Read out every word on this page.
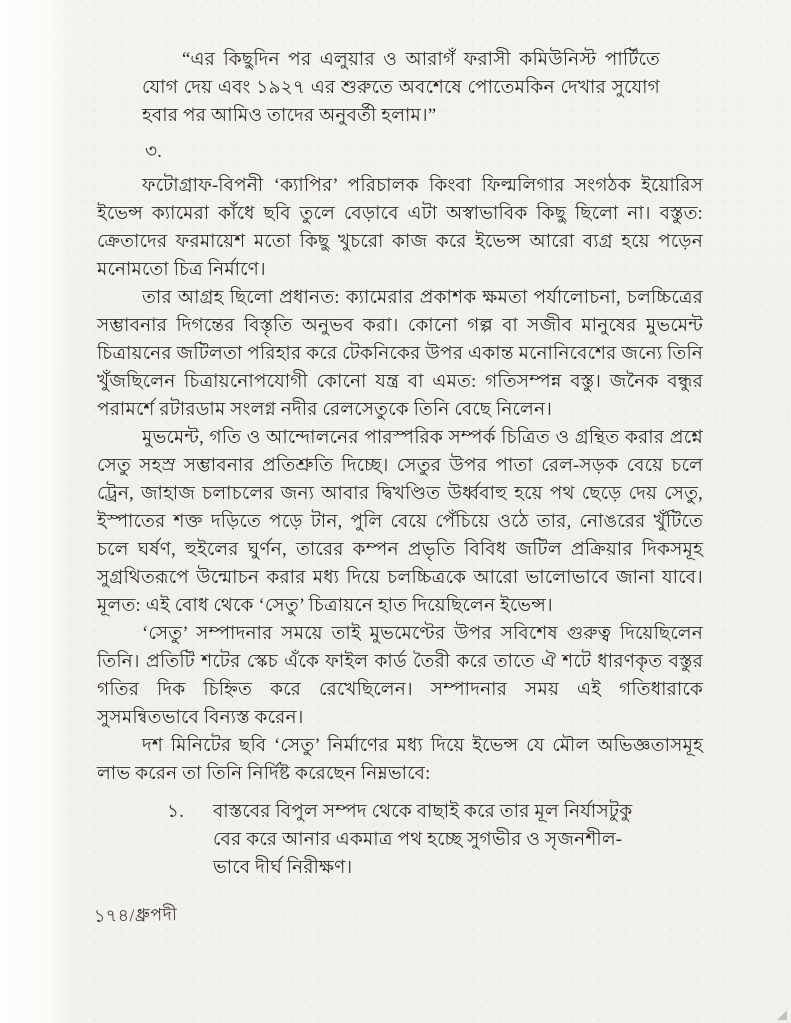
“এর কিছুদিন পর এলুয়ার ও আরাগঁ ফরাসী কমিউনিস্ট পার্টিতে যোগ দেয় এবং ১৯২৭ এর শুরুতে অবশেষে পোতেমকিন দেখার সুযোগ হবার পর আমিও তাদের অনুবর্তী হলাম।”

৩.

ফটোগ্রাফ-বিপনী ‘ক্যাপির’ পরিচালক কিংবা ফিল্মলিগার সংগঠক ইয়োরিস ইভেন্স ক্যামেরা কাঁধে ছবি তুলে বেড়াবে এটা অস্বাভাবিক কিছু ছিলো না। বস্তুত: ক্রেতাদের ফরমায়েশ মতো কিছু খুচরো কাজ করে ইভেন্স আরো ব্যগ্র হয়ে পড়েন মনোমতো চিত্র নির্মাণে।

তার আগ্রহ ছিলো প্রধানত: ক্যামেরার প্রকাশক ক্ষমতা পর্যালোচনা, চলচ্চিত্রের সম্ভাবনার দিগন্তের বিস্তৃতি অনুভব করা। কোনো গল্প বা সজীব মানুষের মুভমেন্ট চিত্রায়নের জটিলতা পরিহার করে টেকনিকের উপর একান্ত মনোনিবেশের জন্যে তিনি খুঁজছিলেন চিত্রায়নোপযোগী কোনো যন্ত্র বা এমত: গতিসম্পন্ন বস্তু। জনৈক বন্ধুর পরামর্শে রটারডাম সংলগ্ন নদীর রেলসেতুকে তিনি বেছে নিলেন।

মুভমেন্ট, গতি ও আন্দোলনের পারস্পরিক সম্পর্ক চিত্রিত ও গ্রন্থিত করার প্রশ্নে সেতু সহস্র সম্ভাবনার প্রতিশ্রুতি দিচ্ছে। সেতুর উপর পাতা রেল-সড়ক বেয়ে চলে ট্রেন, জাহাজ চলাচলের জন্য আবার দ্বিখণ্ডিত উর্ধ্ববাহু হয়ে পথ ছেড়ে দেয় সেতু, ইস্পাতের শক্ত দড়িতে পড়ে টান, পুলি বেয়ে পেঁচিয়ে ওঠে তার, নোঙরের খুঁটিতে চলে ঘর্ষণ, হুইলের ঘুর্ণন, তারের কম্পন প্রভৃতি বিবিধ জটিল প্রক্রিয়ার দিকসমূহ সুগ্রথিতরূপে উন্মোচন করার মধ্য দিয়ে চলচ্চিত্রকে আরো ভালোভাবে জানা যাবে। মূলত: এই বোধ থেকে ‘সেতু’ চিত্রায়নে হাত দিয়েছিলেন ইভেন্স।

‘সেতু’ সম্পাদনার সময়ে তাই মুভমেণ্টের উপর সবিশেষ গুরুত্ব দিয়েছিলেন তিনি। প্রতিটি শটের স্কেচ এঁকে ফাইল কার্ড তৈরী করে তাতে ঐ শটে ধারণকৃত বস্তুর গতির দিক চিহ্নিত করে রেখেছিলেন। সম্পাদনার সময় এই গতিধারাকে সুসমন্বিতভাবে বিন্যস্ত করেন।

দশ মিনিটের ছবি ‘সেতু’ নির্মাণের মধ্য দিয়ে ইভেন্স যে মৌল অভিজ্ঞতাসমূহ লাভ করেন তা তিনি নির্দিষ্ট করেছেন নিম্নভাবে:

১.	বাস্তবের বিপুল সম্পদ থেকে বাছাই করে তার মূল নির্যাসটুকু বের করে আনার একমাত্র পথ হচ্ছে সুগভীর ও সৃজনশীল-ভাবে দীর্ঘ নিরীক্ষণ।
১৭৪/ধ্রুপদী
